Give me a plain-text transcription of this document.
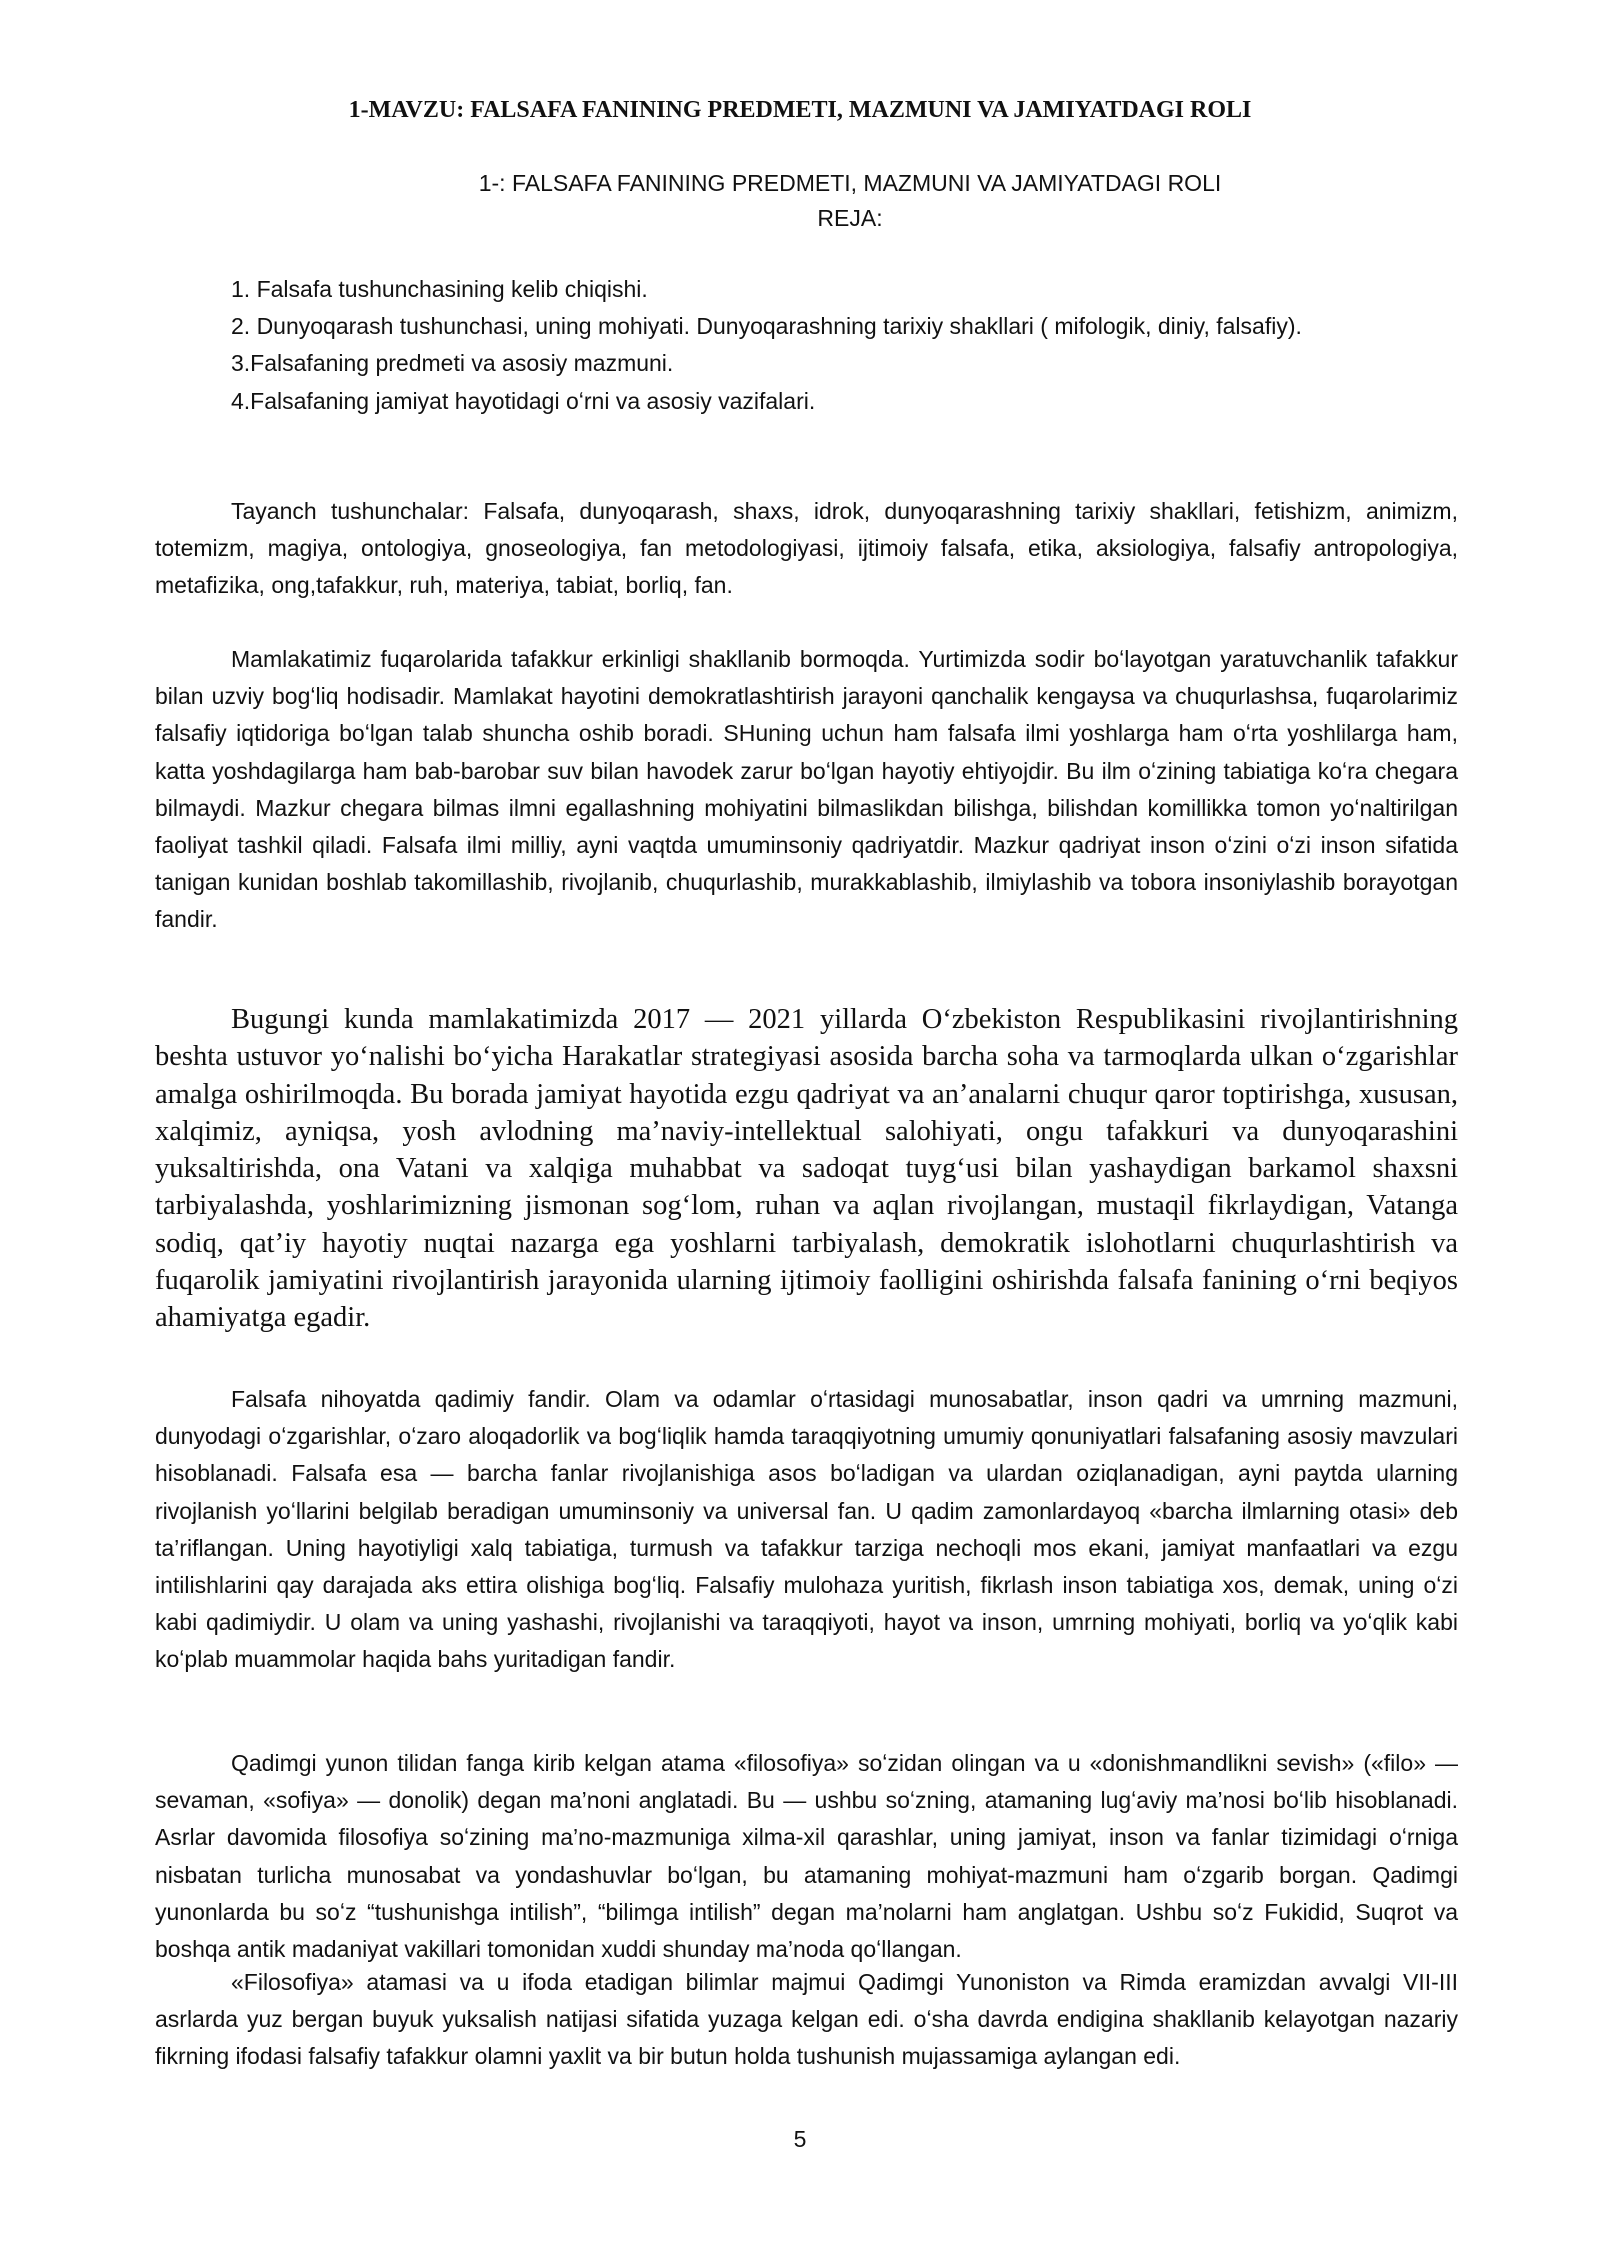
1-MAVZU: FALSAFA FANINING PREDMETI, MAZMUNI VA JAMIYATDAGI ROLI
1-: FALSAFA FANINING PREDMETI, MAZMUNI VA JAMIYATDAGI ROLI
REJA:

1. Falsafa tushunchasining kelib chiqishi.

2. Dunyoqarash tushunchasi, uning mohiyati. Dunyoqarashning tarixiy shakllari ( mifologik, diniy, falsafiy).

3.Falsafaning predmeti va asosiy mazmuni.

4.Falsafaning jamiyat hayotidagi oʻrni va asosiy vazifalari.

Tayanch tushunchalar: Falsafa, dunyoqarash, shaxs, idrok, dunyoqarashning tarixiy shakllari, fetishizm, animizm, totemizm, magiya, ontologiya, gnoseologiya, fan metodologiyasi, ijtimoiy falsafa, etika, aksiologiya, falsafiy antropologiya, metafizika, ong,tafakkur, ruh, materiya, tabiat, borliq, fan.

Mamlakatimiz fuqarolarida tafakkur erkinligi shakllanib bormoqda. Yurtimizda sodir boʻlayotgan yaratuvchanlik tafakkur bilan uzviy bogʻliq hodisadir. Mamlakat hayotini demokratlashtirish jarayoni qanchalik kengaysa va chuqurlashsa, fuqarolarimiz falsafiy iqtidoriga boʻlgan talab shuncha oshib boradi. SHuning uchun ham falsafa ilmi yoshlarga ham oʻrta yoshlilarga ham, katta yoshdagilarga ham bab-barobar suv bilan havodek zarur boʻlgan hayotiy ehtiyojdir. Bu ilm oʻzining tabiatiga koʻra chegara bilmaydi. Mazkur chegara bilmas ilmni egallashning mohiyatini bilmaslikdan bilishga, bilishdan komillikka tomon yoʻnaltirilgan faoliyat tashkil qiladi. Falsafa ilmi milliy, ayni vaqtda umuminsoniy qadriyatdir. Mazkur qadriyat inson oʻzini oʻzi inson sifatida tanigan kunidan boshlab takomillashib, rivojlanib, chuqurlashib, murakkablashib, ilmiylashib va tobora insoniylashib borayotgan fandir.

Bugungi kunda mamlakatimizda 2017 — 2021 yillarda Oʻzbekiston Respublikasini rivojlantirishning beshta ustuvor yoʻnalishi boʻyicha Harakatlar strategiyasi asosida barcha soha va tarmoqlarda ulkan oʻzgarishlar amalga oshirilmoqda. Bu borada jamiyat hayotida ezgu qadriyat va an’analarni chuqur qaror toptirishga, xususan, xalqimiz, ayniqsa, yosh avlodning ma’naviy-intellektual salohiyati, ongu tafakkuri va dunyoqarashini yuksaltirishda, ona Vatani va xalqiga muhabbat va sadoqat tuygʻusi bilan yashaydigan barkamol shaxsni tarbiyalashda, yoshlarimizning jismonan sogʻlom, ruhan va aqlan rivojlangan, mustaqil fikrlaydigan, Vatanga sodiq, qat’iy hayotiy nuqtai nazarga ega yoshlarni tarbiyalash, demokratik islohotlarni chuqurlashtirish va fuqarolik jamiyatini rivojlantirish jarayonida ularning ijtimoiy faolligini oshirishda falsafa fanining oʻrni beqiyos ahamiyatga egadir.

Falsafa nihoyatda qadimiy fandir. Olam va odamlar oʻrtasidagi munosabatlar, inson qadri va umrning mazmuni, dunyodagi oʻzgarishlar, oʻzaro aloqadorlik va bogʻliqlik hamda taraqqiyotning umumiy qonuniyatlari falsafaning asosiy mavzulari hisoblanadi. Falsafa esa — barcha fanlar rivojlanishiga asos boʻladigan va ulardan oziqlanadigan, ayni paytda ularning rivojlanish yoʻllarini belgilab beradigan umuminsoniy va universal fan. U qadim zamonlardayoq «barcha ilmlarning otasi» deb ta’riflangan. Uning hayotiyligi xalq tabiatiga, turmush va tafakkur tarziga nechoqli mos ekani, jamiyat manfaatlari va ezgu intilishlarini qay darajada aks ettira olishiga bogʻliq. Falsafiy mulohaza yuritish, fikrlash inson tabiatiga xos, demak, uning oʻzi kabi qadimiydir. U olam va uning yashashi, rivojlanishi va taraqqiyoti, hayot va inson, umrning mohiyati, borliq va yoʻqlik kabi koʻplab muammolar haqida bahs yuritadigan fandir.

Qadimgi yunon tilidan fanga kirib kelgan atama «filosofiya» soʻzidan olingan va u «donishmandlikni sevish» («filo» — sevaman, «sofiya» — donolik) degan ma’noni anglatadi. Bu — ushbu soʻzning, atamaning lugʻaviy ma’nosi boʻlib hisoblanadi. Asrlar davomida filosofiya soʻzining ma’no-mazmuniga xilma-xil qarashlar, uning jamiyat, inson va fanlar tizimidagi oʻrniga nisbatan turlicha munosabat va yondashuvlar boʻlgan, bu atamaning mohiyat-mazmuni ham oʻzgarib borgan. Qadimgi yunonlarda bu soʻz “tushunishga intilish”, “bilimga intilish” degan ma’nolarni ham anglatgan. Ushbu soʻz Fukidid, Suqrot va boshqa antik madaniyat vakillari tomonidan xuddi shunday ma’noda qoʻllangan.

«Filosofiya» atamasi va u ifoda etadigan bilimlar majmui Qadimgi Yunoniston va Rimda eramizdan avvalgi VII-III asrlarda yuz bergan buyuk yuksalish natijasi sifatida yuzaga kelgan edi. oʻsha davrda endigina shakllanib kelayotgan nazariy fikrning ifodasi falsafiy tafakkur olamni yaxlit va bir butun holda tushunish mujassamiga aylangan edi.

5
